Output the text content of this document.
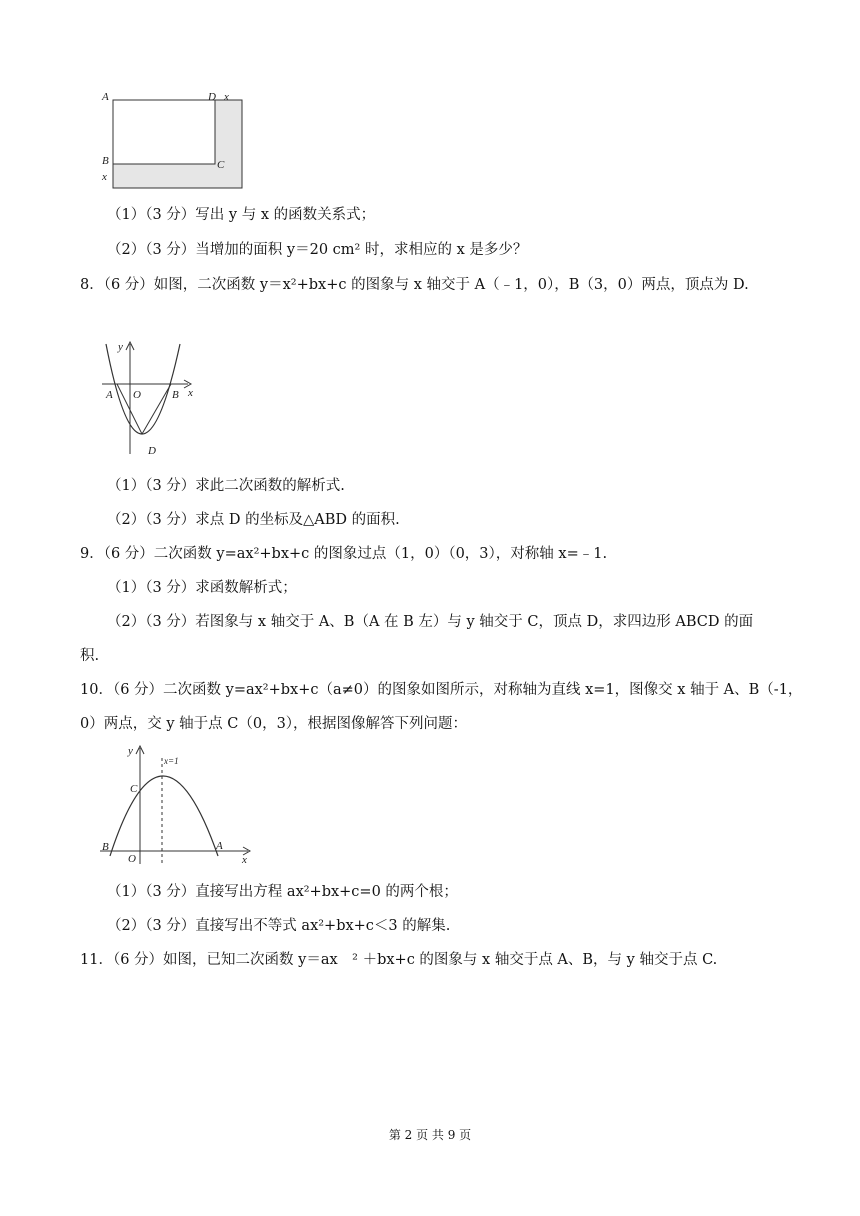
A	D x
B	C
x
（1）（3 分）写出 y 与 x 的函数关系式；
（2）（3 分）当增加的面积 y＝20 cm² 时，求相应的 x 是多少？
8．（6 分）如图，二次函数 y＝x²+bx+c 的图象与 x 轴交于 A（﹣1，0），B（3，0）两点，顶点为 D.
y
x
A O	B
D
（1）（3 分）求此二次函数的解析式.
（2）（3 分）求点 D 的坐标及△ABD 的面积.
9．（6 分）二次函数 y=ax²+bx+c 的图象过点（1，0）（0，3），对称轴 x=﹣1.
（1）（3 分）求函数解析式；
（2）（3 分）若图象与 x 轴交于 A、B（A 在 B 左）与 y 轴交于 C，顶点 D，求四边形 ABCD 的面
积.
10．（6 分）二次函数 y=ax²+bx+c（a≠0）的图象如图所示，对称轴为直线 x=1，图像交 x 轴于 A、B（-1，
0）两点，交 y 轴于点 C（0，3），根据图像解答下列问题：
y
x=1
C
B
O
A
x
（1）（3 分）直接写出方程 ax²+bx+c=0 的两个根；
（2）（3 分）直接写出不等式 ax²+bx+c＜3 的解集.
11．（6 分）如图，已知二次函数 y＝ax　² ＋bx+c 的图象与 x 轴交于点 A、B，与 y 轴交于点 C.
第 2 页 共 9 页
